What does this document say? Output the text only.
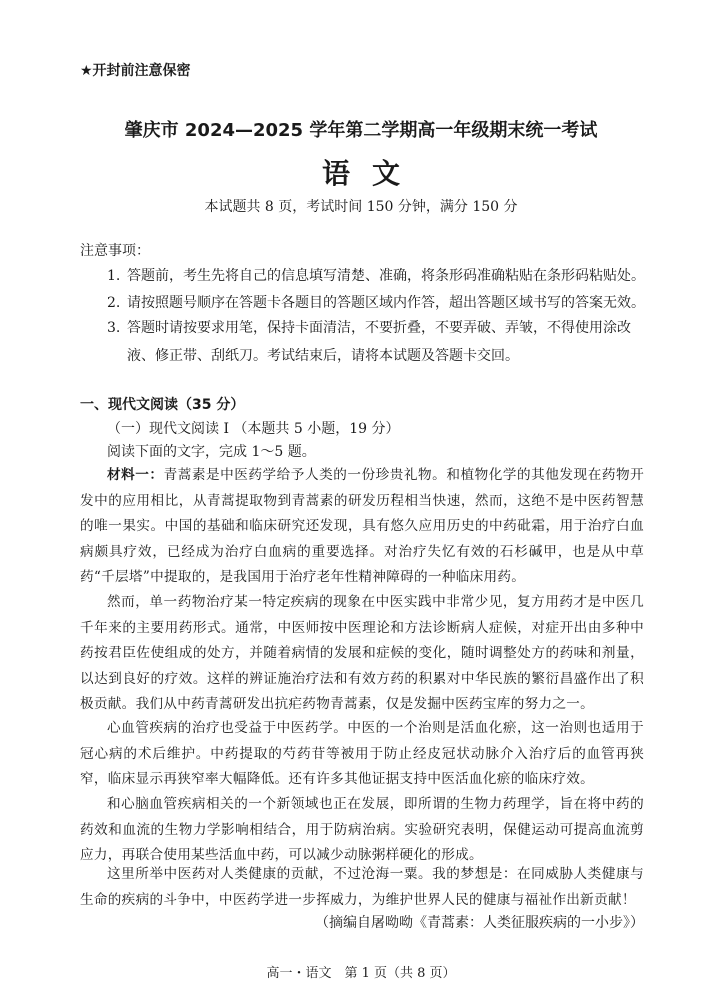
★开封前注意保密
肇庆市 2024—2025 学年第二学期高一年级期末统一考试
语文
本试题共 8 页，考试时间 150 分钟，满分 150 分
注意事项：
1. 答题前，考生先将自己的信息填写清楚、准确，将条形码准确粘贴在条形码粘贴处。
2. 请按照题号顺序在答题卡各题目的答题区域内作答，超出答题区域书写的答案无效。
3. 答题时请按要求用笔，保持卡面清洁，不要折叠，不要弄破、弄皱，不得使用涂改液、修正带、刮纸刀。考试结束后，请将本试题及答题卡交回。
一、现代文阅读（35 分）
（一）现代文阅读 I （本题共 5 小题，19 分）
阅读下面的文字，完成 1～5 题。
材料一：青蒿素是中医药学给予人类的一份珍贵礼物。和植物化学的其他发现在药物开发中的应用相比，从青蒿提取物到青蒿素的研发历程相当快速，然而，这绝不是中医药智慧的唯一果实。中国的基础和临床研究还发现，具有悠久应用历史的中药砒霜，用于治疗白血病颇具疗效，已经成为治疗白血病的重要选择。对治疗失忆有效的石杉碱甲，也是从中草药“千层塔”中提取的，是我国用于治疗老年性精神障碍的一种临床用药。
然而，单一药物治疗某一特定疾病的现象在中医实践中非常少见，复方用药才是中医几千年来的主要用药形式。通常，中医师按中医理论和方法诊断病人症候，对症开出由多种中药按君臣佐使组成的处方，并随着病情的发展和症候的变化，随时调整处方的药味和剂量，以达到良好的疗效。这样的辨证施治疗法和有效方药的积累对中华民族的繁衍昌盛作出了积极贡献。我们从中药青蒿研发出抗疟药物青蒿素，仅是发掘中医药宝库的努力之一。
心血管疾病的治疗也受益于中医药学。中医的一个治则是活血化瘀，这一治则也适用于冠心病的术后维护。中药提取的芍药苷等被用于防止经皮冠状动脉介入治疗后的血管再狭窄，临床显示再狭窄率大幅降低。还有许多其他证据支持中医活血化瘀的临床疗效。
和心脑血管疾病相关的一个新领域也正在发展，即所谓的生物力药理学，旨在将中药的药效和血流的生物力学影响相结合，用于防病治病。实验研究表明，保健运动可提高血流剪应力，再联合使用某些活血中药，可以减少动脉粥样硬化的形成。
这里所举中医药对人类健康的贡献，不过沧海一粟。我的梦想是：在同威胁人类健康与生命的疾病的斗争中，中医药学进一步挥威力，为维护世界人民的健康与福祉作出新贡献！
（摘编自屠呦呦《青蒿素：人类征服疾病的一小步》）
高一・语文　第 1 页（共 8 页）
